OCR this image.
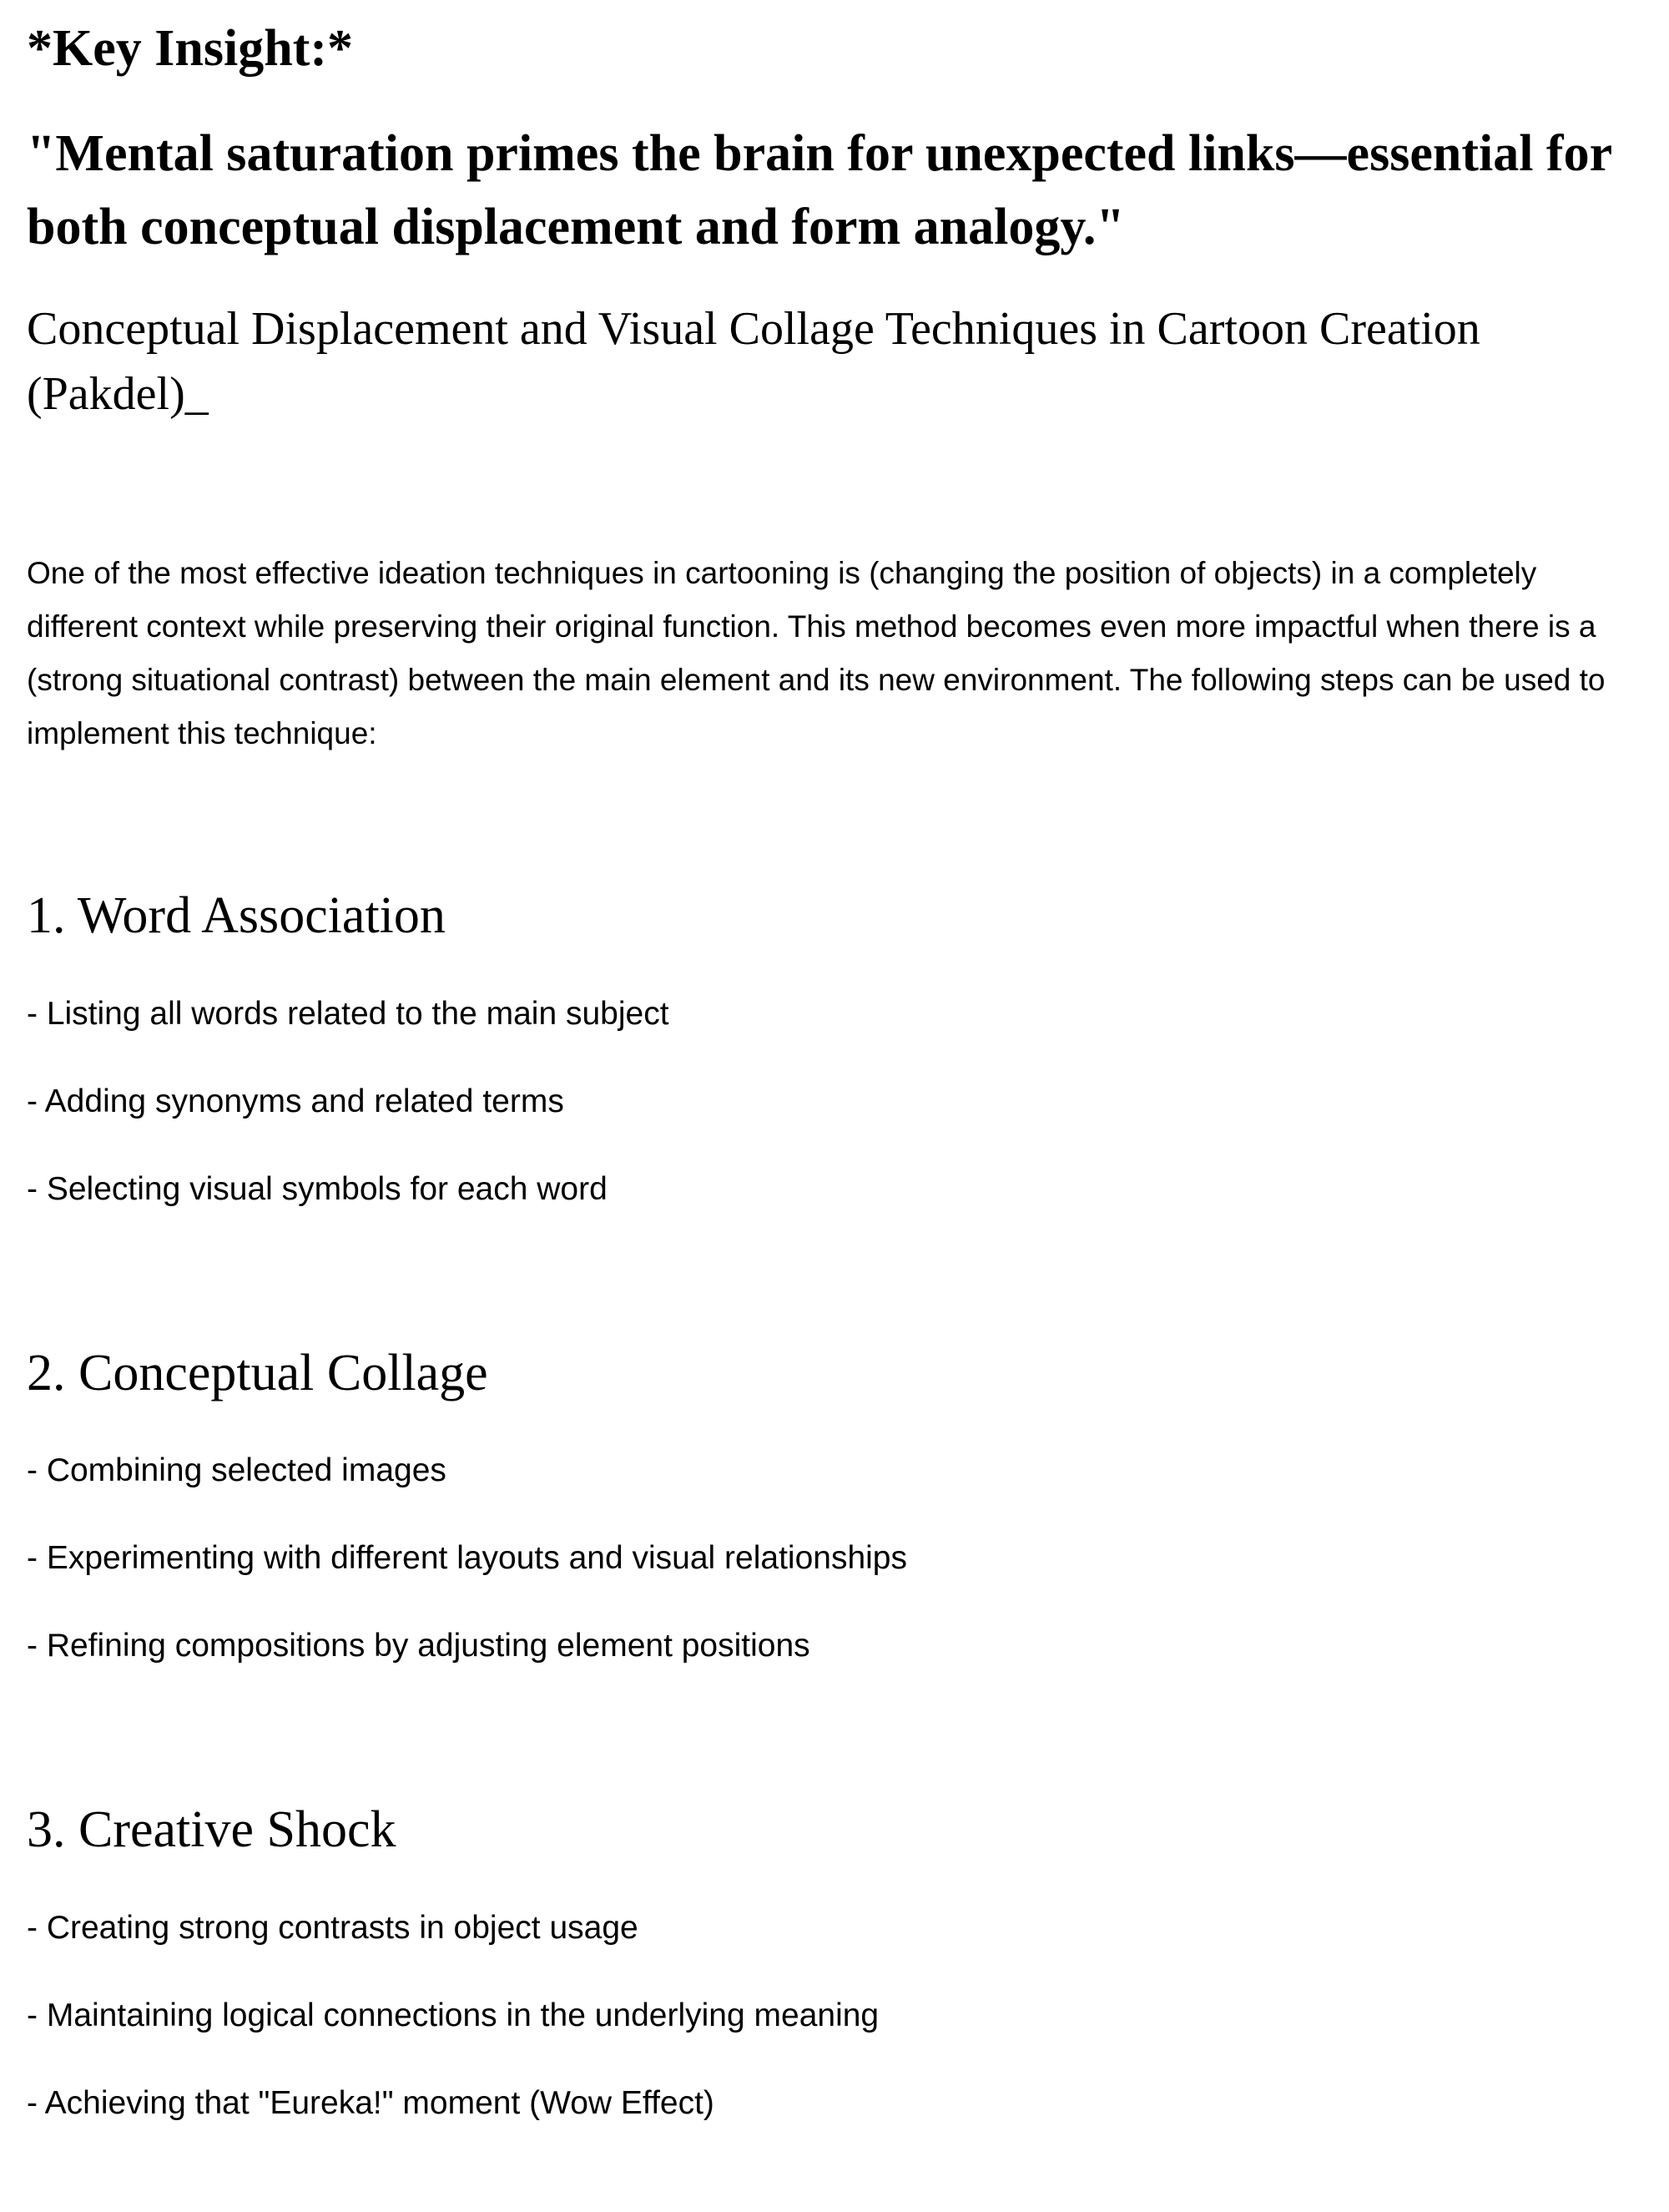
*Key Insight:*

"Mental saturation primes the brain for unexpected links—essential for both conceptual displacement and form analogy."

Conceptual Displacement and Visual Collage Techniques in Cartoon Creation (Pakdel)_

One of the most effective ideation techniques in cartooning is (changing the position of objects) in a completely different context while preserving their original function. This method becomes even more impactful when there is a (strong situational contrast) between the main element and its new environment. The following steps can be used to implement this technique:

1. Word Association

- Listing all words related to the main subject

- Adding synonyms and related terms

- Selecting visual symbols for each word

2. Conceptual Collage

- Combining selected images

- Experimenting with different layouts and visual relationships

- Refining compositions by adjusting element positions

3. Creative Shock

- Creating strong contrasts in object usage

- Maintaining logical connections in the underlying meaning

- Achieving that "Eureka!" moment (Wow Effect)
